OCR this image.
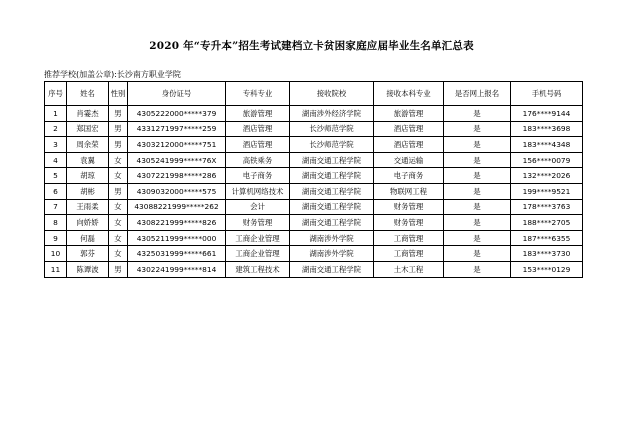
2020 年“专升本”招生考试建档立卡贫困家庭应届毕业生名单汇总表
推荐学校(加盖公章):长沙南方职业学院
序号	姓名	性别	身份证号	专科专业	接收院校	接收本科专业	是否网上报名	手机号码
1	肖霎杰	男	4305222000*****379	旅游管理	湖南涉外经济学院	旅游管理	是	176****9144
2	郑国宏	男	4331271997*****259	酒店管理	长沙师范学院	酒店管理	是	183****3698
3	周余荣	男	4303212000*****751	酒店管理	长沙师范学院	酒店管理	是	183****4348
4	袁翼	女	4305241999*****76X	高铁乘务	湖南交通工程学院	交通运输	是	156****0079
5	胡琼	女	4307221998*****286	电子商务	湖南交通工程学院	电子商务	是	132****2026
6	胡彬	男	4309032000*****575	计算机网络技术	湖南交通工程学院	物联网工程	是	199****9521
7	王雨柔	女	43088221999*****262	会计	湖南交通工程学院	财务管理	是	178****3763
8	向娇娇	女	4308221999*****826	财务管理	湖南交通工程学院	财务管理	是	188****2705
9	何磊	女	4305211999*****000	工商企业管理	湖南涉外学院	工商管理	是	187****6355
10	郭芬	女	4325031999*****661	工商企业管理	湖南涉外学院	工商管理	是	183****3730
11	陈谭波	男	4302241999*****814	建筑工程技术	湖南交通工程学院	土木工程	是	153****0129
